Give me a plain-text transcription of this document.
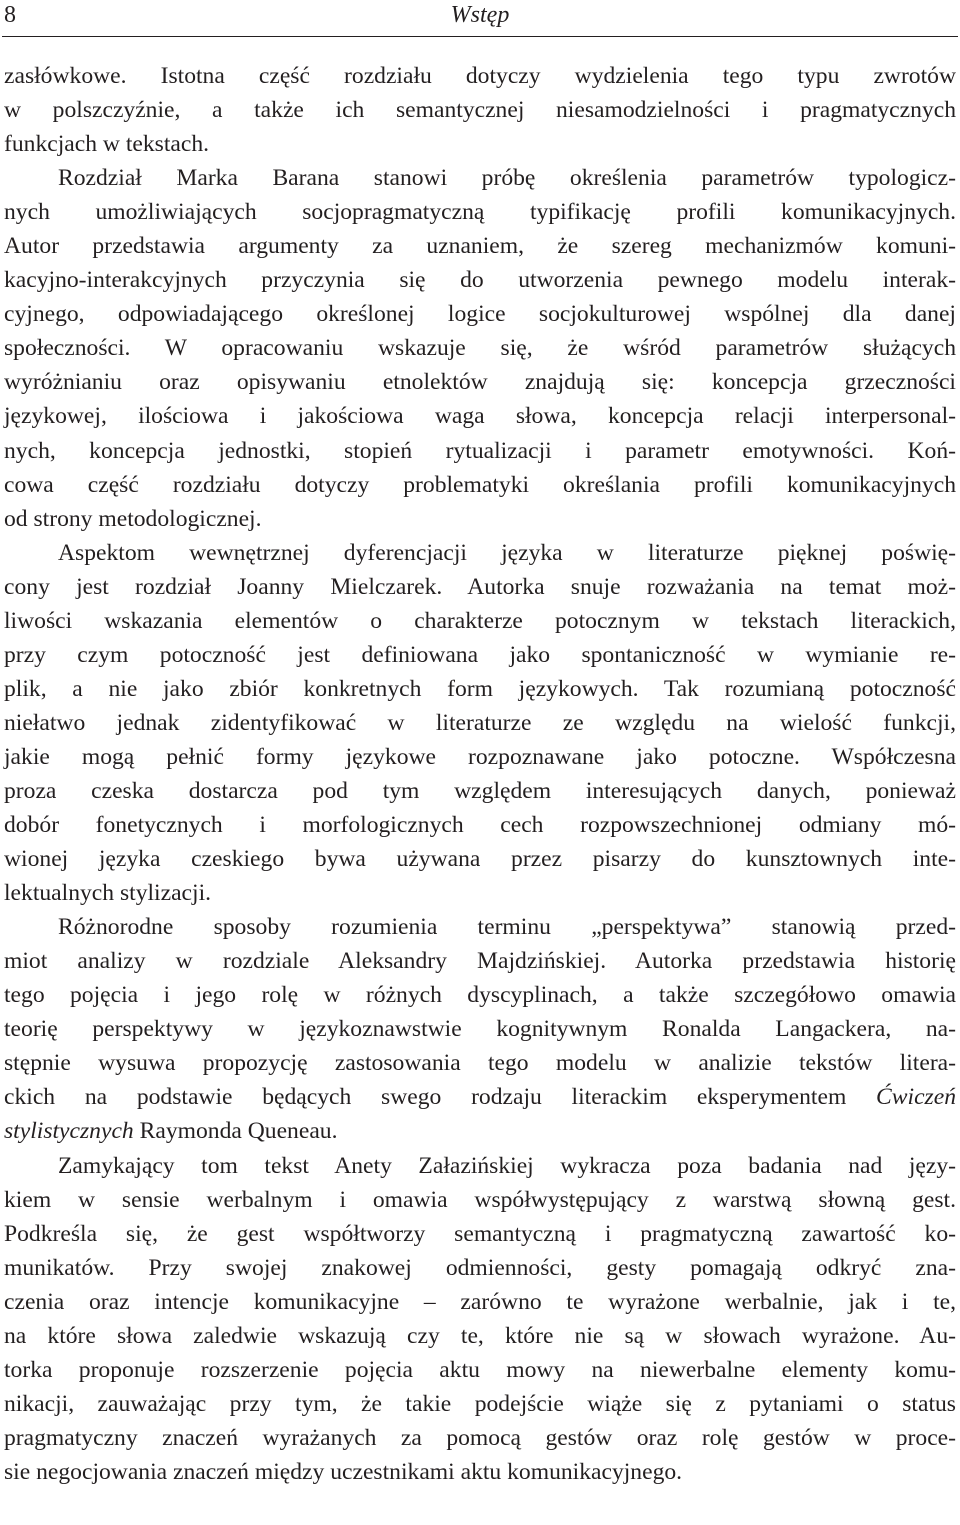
8	Wstęp
zasłówkowe. Istotna część rozdziału dotyczy wydzielenia tego typu zwrotów
w polszczyźnie, a także ich semantycznej niesamodzielności i pragmatycznych
funkcjach w tekstach.
Rozdział Marka Barana stanowi próbę określenia parametrów typologicz-
nych umożliwiających socjopragmatyczną typifikację profili komunikacyjnych.
Autor przedstawia argumenty za uznaniem, że szereg mechanizmów komuni-
kacyjno-interakcyjnych przyczynia się do utworzenia pewnego modelu interak-
cyjnego, odpowiadającego określonej logice socjokulturowej wspólnej dla danej
społeczności. W opracowaniu wskazuje się, że wśród parametrów służących
wyróżnianiu oraz opisywaniu etnolektów znajdują się: koncepcja grzeczności
językowej, ilościowa i jakościowa waga słowa, koncepcja relacji interpersonal-
nych, koncepcja jednostki, stopień rytualizacji i parametr emotywności. Koń-
cowa część rozdziału dotyczy problematyki określania profili komunikacyjnych
od strony metodologicznej.
Aspektom wewnętrznej dyferencjacji języka w literaturze pięknej poświę-
cony jest rozdział Joanny Mielczarek. Autorka snuje rozważania na temat moż-
liwości wskazania elementów o charakterze potocznym w tekstach literackich,
przy czym potoczność jest definiowana jako spontaniczność w wymianie re-
plik, a nie jako zbiór konkretnych form językowych. Tak rozumianą potoczność
niełatwo jednak zidentyfikować w literaturze ze względu na wielość funkcji,
jakie mogą pełnić formy językowe rozpoznawane jako potoczne. Współczesna
proza czeska dostarcza pod tym względem interesujących danych, ponieważ
dobór fonetycznych i morfologicznych cech rozpowszechnionej odmiany mó-
wionej języka czeskiego bywa używana przez pisarzy do kunsztownych inte-
lektualnych stylizacji.
Różnorodne sposoby rozumienia terminu „perspektywa” stanowią przed-
miot analizy w rozdziale Aleksandry Majdzińskiej. Autorka przedstawia historię
tego pojęcia i jego rolę w różnych dyscyplinach, a także szczegółowo omawia
teorię perspektywy w językoznawstwie kognitywnym Ronalda Langackera, na-
stępnie wysuwa propozycję zastosowania tego modelu w analizie tekstów litera-
ckich na podstawie będących swego rodzaju literackim eksperymentem Ćwiczeń
stylistycznych Raymonda Queneau.
Zamykający tom tekst Anety Załazińskiej wykracza poza badania nad języ-
kiem w sensie werbalnym i omawia współwystępujący z warstwą słowną gest.
Podkreśla się, że gest współtworzy semantyczną i pragmatyczną zawartość ko-
munikatów. Przy swojej znakowej odmienności, gesty pomagają odkryć zna-
czenia oraz intencje komunikacyjne – zarówno te wyrażone werbalnie, jak i te,
na które słowa zaledwie wskazują czy te, które nie są w słowach wyrażone. Au-
torka proponuje rozszerzenie pojęcia aktu mowy na niewerbalne elementy komu-
nikacji, zauważając przy tym, że takie podejście wiąże się z pytaniami o status
pragmatyczny znaczeń wyrażanych za pomocą gestów oraz rolę gestów w proce-
sie negocjowania znaczeń między uczestnikami aktu komunikacyjnego.
